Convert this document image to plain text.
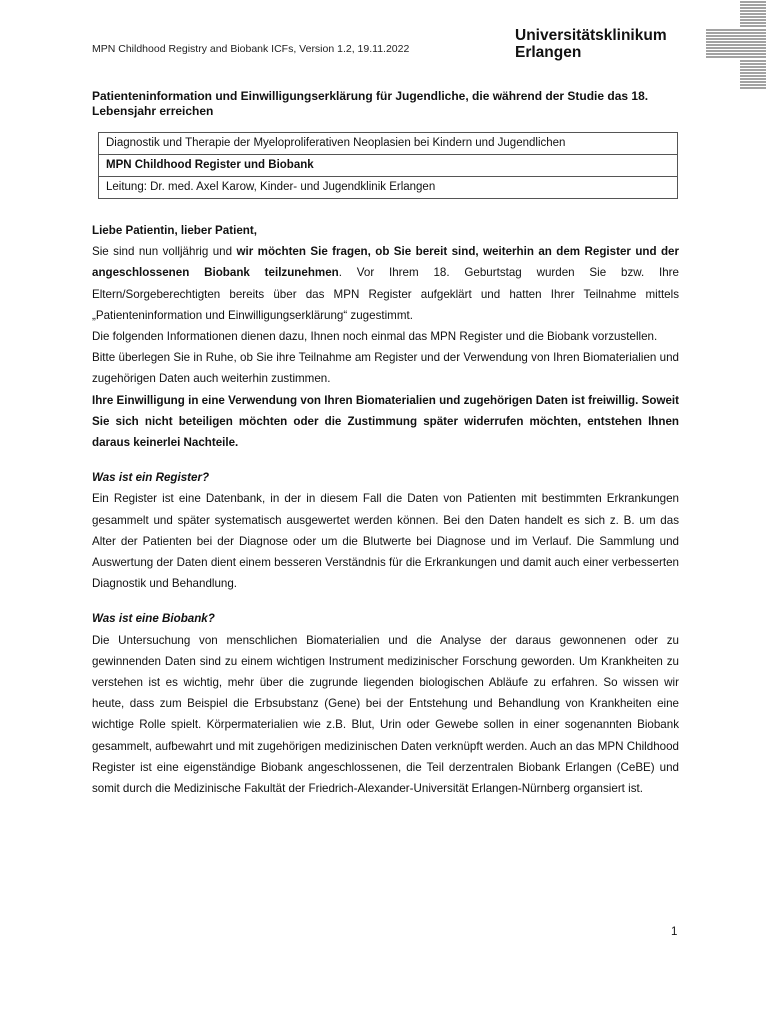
MPN Childhood Registry and Biobank ICFs, Version 1.2, 19.11.2022
Universitätsklinikum
Erlangen
Patienteninformation und Einwilligungserklärung für Jugendliche, die während der Studie das 18. Lebensjahr erreichen
Diagnostik und Therapie der Myeloproliferativen Neoplasien bei Kindern und Jugendlichen
MPN Childhood Register und Biobank
Leitung: Dr. med. Axel Karow, Kinder- und Jugendklinik Erlangen

Liebe Patientin, lieber Patient,

Sie sind nun volljährig und wir möchten Sie fragen, ob Sie bereit sind, weiterhin an dem Register und der angeschlossenen Biobank teilzunehmen. Vor Ihrem 18. Geburtstag wurden Sie bzw. Ihre Eltern/Sorgeberechtigten bereits über das MPN Register aufgeklärt und hatten Ihrer Teilnahme mittels „Patienteninformation und Einwilligungserklärung“ zugestimmt.

Die folgenden Informationen dienen dazu, Ihnen noch einmal das MPN Register und die Biobank vorzustellen.

Bitte überlegen Sie in Ruhe, ob Sie ihre Teilnahme am Register und der Verwendung von Ihren Biomaterialien und zugehörigen Daten auch weiterhin zustimmen.

Ihre Einwilligung in eine Verwendung von Ihren Biomaterialien und zugehörigen Daten ist freiwillig. Soweit Sie sich nicht beteiligen möchten oder die Zustimmung später widerrufen möchten, entstehen Ihnen daraus keinerlei Nachteile.

Was ist ein Register?

Ein Register ist eine Datenbank, in der in diesem Fall die Daten von Patienten mit bestimmten Erkrankungen gesammelt und später systematisch ausgewertet werden können. Bei den Daten handelt es sich z. B. um das Alter der Patienten bei der Diagnose oder um die Blutwerte bei Diagnose und im Verlauf. Die Sammlung und Auswertung der Daten dient einem besseren Verständnis für die Erkrankungen und damit auch einer verbesserten Diagnostik und Behandlung.

Was ist eine Biobank?

Die Untersuchung von menschlichen Biomaterialien und die Analyse der daraus gewonnenen oder zu gewinnenden Daten sind zu einem wichtigen Instrument medizinischer Forschung geworden. Um Krankheiten zu verstehen ist es wichtig, mehr über die zugrunde liegenden biologischen Abläufe zu erfahren. So wissen wir heute, dass zum Beispiel die Erbsubstanz (Gene) bei der Entstehung und Behandlung von Krankheiten eine wichtige Rolle spielt. Körpermaterialien wie z.B. Blut, Urin oder Gewebe sollen in einer sogenannten Biobank gesammelt, aufbewahrt und mit zugehörigen medizinischen Daten verknüpft werden. Auch an das MPN Childhood Register ist eine eigenständige Biobank angeschlossenen, die Teil derzentralen Biobank Erlangen (CeBE) und somit durch die Medizinische Fakultät der Friedrich-Alexander-Universität Erlangen-Nürnberg organsiert ist.

1
